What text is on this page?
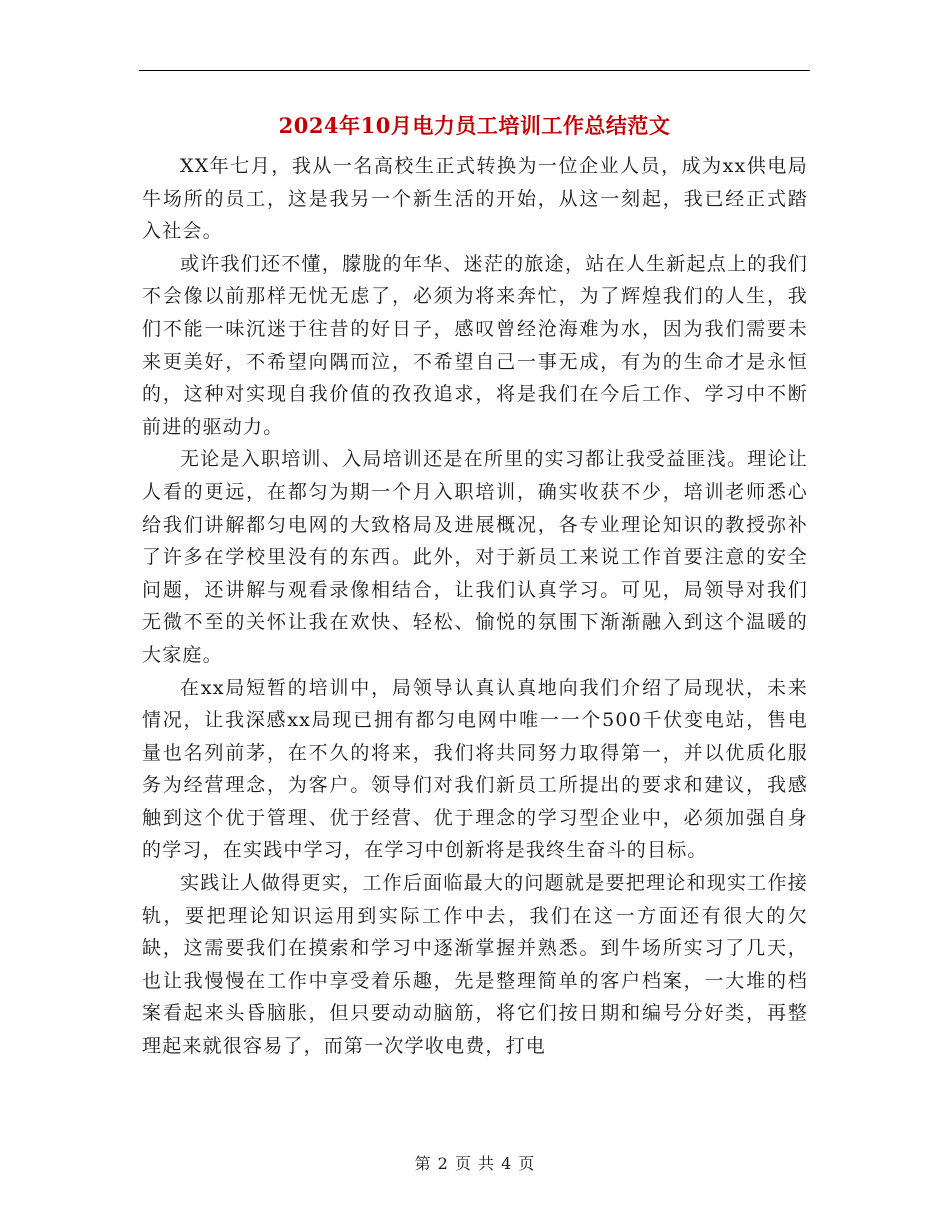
2024年10月电力员工培训工作总结范文

XX年七月，我从一名高校生正式转换为一位企业人员，成为xx供电局牛场所的员工，这是我另一个新生活的开始，从这一刻起，我已经正式踏入社会。

或许我们还不懂，朦胧的年华、迷茫的旅途，站在人生新起点上的我们不会像以前那样无忧无虑了，必须为将来奔忙，为了辉煌我们的人生，我们不能一味沉迷于往昔的好日子，感叹曾经沧海难为水，因为我们需要未来更美好，不希望向隅而泣，不希望自己一事无成，有为的生命才是永恒的，这种对实现自我价值的孜孜追求，将是我们在今后工作、学习中不断前进的驱动力。

无论是入职培训、入局培训还是在所里的实习都让我受益匪浅。理论让人看的更远，在都匀为期一个月入职培训，确实收获不少，培训老师悉心给我们讲解都匀电网的大致格局及进展概况，各专业理论知识的教授弥补了许多在学校里没有的东西。此外，对于新员工来说工作首要注意的安全问题，还讲解与观看录像相结合，让我们认真学习。可见，局领导对我们无微不至的关怀让我在欢快、轻松、愉悦的氛围下渐渐融入到这个温暖的大家庭。

在xx局短暂的培训中，局领导认真认真地向我们介绍了局现状，未来情况，让我深感xx局现已拥有都匀电网中唯一一个500千伏变电站，售电量也名列前茅，在不久的将来，我们将共同努力取得第一，并以优质化服务为经营理念，为客户。领导们对我们新员工所提出的要求和建议，我感触到这个优于管理、优于经营、优于理念的学习型企业中，必须加强自身的学习，在实践中学习，在学习中创新将是我终生奋斗的目标。

实践让人做得更实，工作后面临最大的问题就是要把理论和现实工作接轨，要把理论知识运用到实际工作中去，我们在这一方面还有很大的欠缺，这需要我们在摸索和学习中逐渐掌握并熟悉。到牛场所实习了几天，也让我慢慢在工作中享受着乐趣，先是整理简单的客户档案，一大堆的档案看起来头昏脑胀，但只要动动脑筋，将它们按日期和编号分好类，再整理起来就很容易了，而第一次学收电费，打电

第 2 页 共 4 页
